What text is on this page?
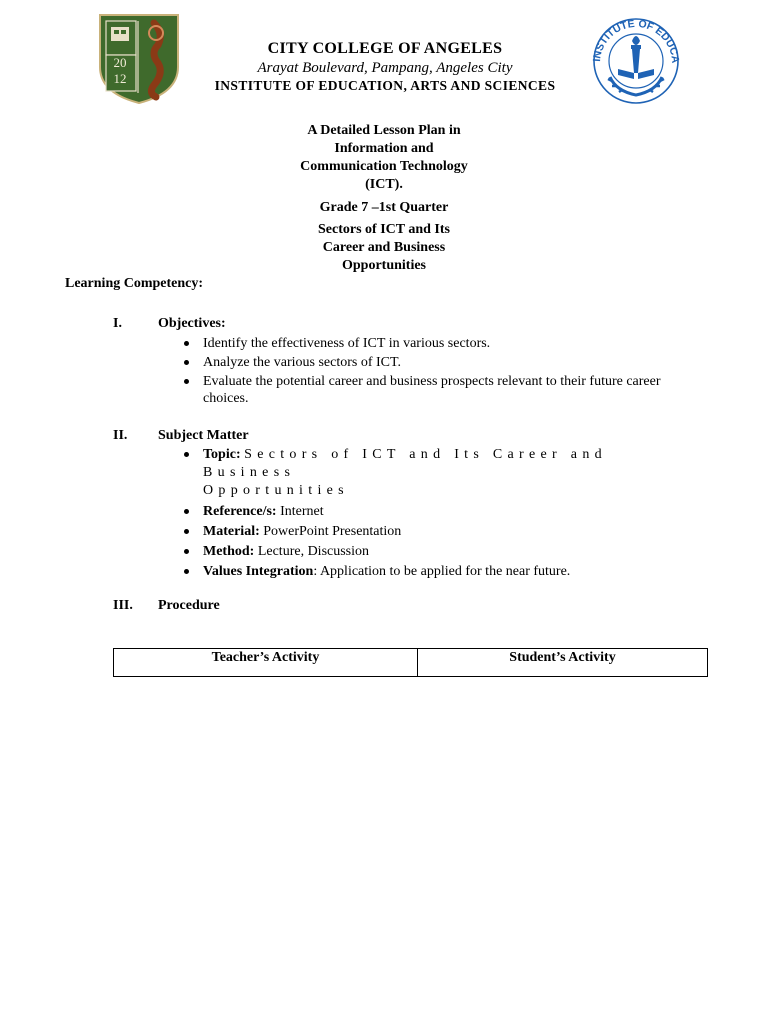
20
12
CITY COLLEGE OF ANGELES
Arayat Boulevard, Pampang, Angeles City
INSTITUTE OF EDUCATION, ARTS AND SCIENCES
INSTITUTE OF EDUCA
A Detailed Lesson Plan in
Information and
Communication Technology
(ICT).
Grade 7 –1st Quarter
Sectors of ICT and Its
Career and Business
Opportunities
Learning Competency:
I.	Objectives:
Identify the effectiveness of ICT in various sectors.
Analyze the various sectors of ICT.
Evaluate the potential career and business prospects relevant to their future career choices.
II. Subject Matter
Topic: Sectors of ICT and Its Career and Business
Opportunities
Reference/s: Internet
Material: PowerPoint Presentation
Method: Lecture, Discussion
Values Integration: Application to be applied for the near future.
III. Procedure
Teacher’s Activity	Student’s Activity
